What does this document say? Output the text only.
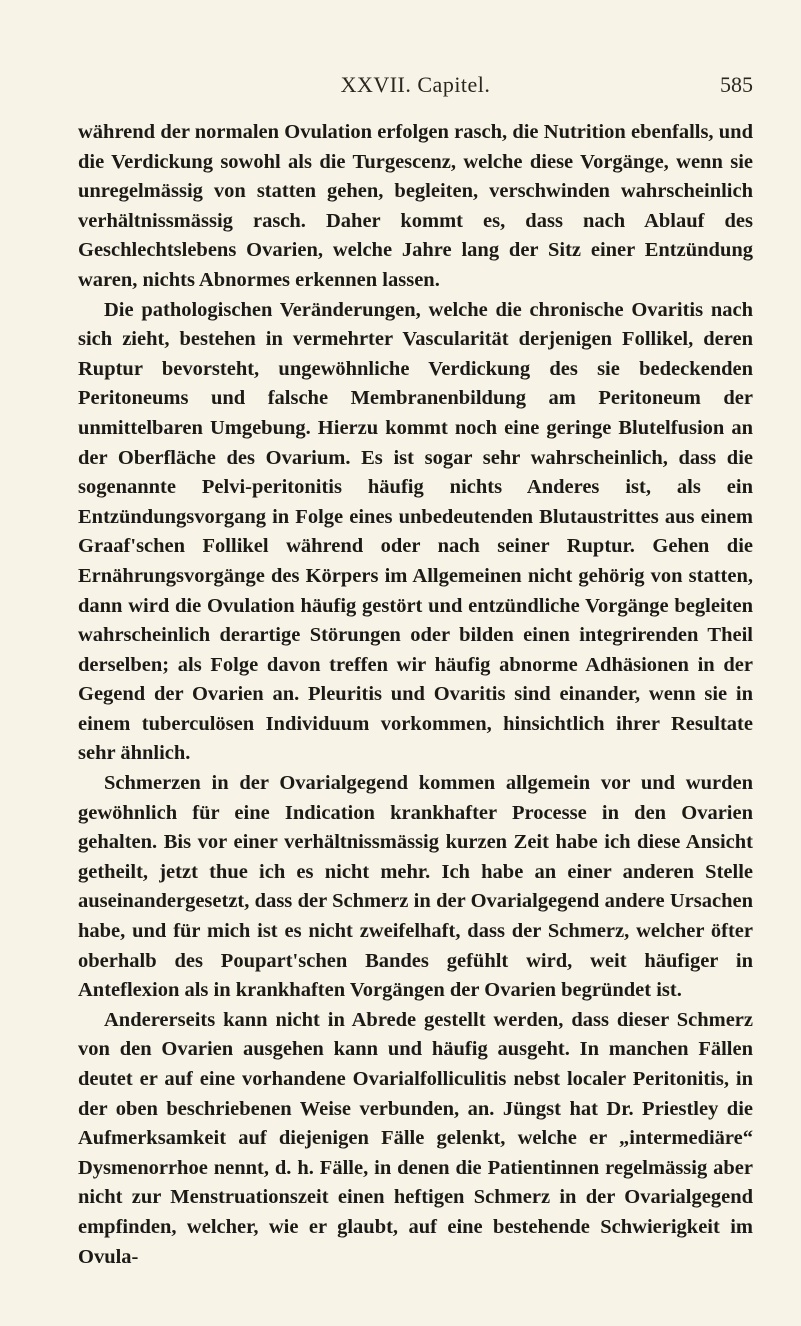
XXVII. Capitel.	585

während der normalen Ovulation erfolgen rasch, die Nutrition ebenfalls, und die Verdickung sowohl als die Turgescenz, welche diese Vorgänge, wenn sie unregelmässig von statten gehen, begleiten, verschwinden wahrscheinlich verhältnissmässig rasch. Daher kommt es, dass nach Ablauf des Geschlechtslebens Ovarien, welche Jahre lang der Sitz einer Entzündung waren, nichts Abnormes erkennen lassen.

Die pathologischen Veränderungen, welche die chronische Ovaritis nach sich zieht, bestehen in vermehrter Vascularität derjenigen Follikel, deren Ruptur bevorsteht, ungewöhnliche Verdickung des sie bedeckenden Peritoneums und falsche Membranenbildung am Peritoneum der unmittelbaren Umgebung. Hierzu kommt noch eine geringe Blutelfusion an der Oberfläche des Ovarium. Es ist sogar sehr wahrscheinlich, dass die sogenannte Pelvi-peritonitis häufig nichts Anderes ist, als ein Entzündungsvorgang in Folge eines unbedeutenden Blutaustrittes aus einem Graaf'schen Follikel während oder nach seiner Ruptur. Gehen die Ernährungsvorgänge des Körpers im Allgemeinen nicht gehörig von statten, dann wird die Ovulation häufig gestört und entzündliche Vorgänge begleiten wahrscheinlich derartige Störungen oder bilden einen integrirenden Theil derselben; als Folge davon treffen wir häufig abnorme Adhäsionen in der Gegend der Ovarien an. Pleuritis und Ovaritis sind einander, wenn sie in einem tuberculösen Individuum vorkommen, hinsichtlich ihrer Resultate sehr ähnlich.

Schmerzen in der Ovarialgegend kommen allgemein vor und wurden gewöhnlich für eine Indication krankhafter Processe in den Ovarien gehalten. Bis vor einer verhältnissmässig kurzen Zeit habe ich diese Ansicht getheilt, jetzt thue ich es nicht mehr. Ich habe an einer anderen Stelle auseinandergesetzt, dass der Schmerz in der Ovarialgegend andere Ursachen habe, und für mich ist es nicht zweifelhaft, dass der Schmerz, welcher öfter oberhalb des Poupart'schen Bandes gefühlt wird, weit häufiger in Anteflexion als in krankhaften Vorgängen der Ovarien begründet ist.

Andererseits kann nicht in Abrede gestellt werden, dass dieser Schmerz von den Ovarien ausgehen kann und häufig ausgeht. In manchen Fällen deutet er auf eine vorhandene Ovarialfolliculitis nebst localer Peritonitis, in der oben beschriebenen Weise verbunden, an. Jüngst hat Dr. Priestley die Aufmerksamkeit auf diejenigen Fälle gelenkt, welche er „intermediäre“ Dysmenorrhoe nennt, d. h. Fälle, in denen die Patientinnen regelmässig aber nicht zur Menstruationszeit einen heftigen Schmerz in der Ovarialgegend empfinden, welcher, wie er glaubt, auf eine bestehende Schwierigkeit im Ovula-
